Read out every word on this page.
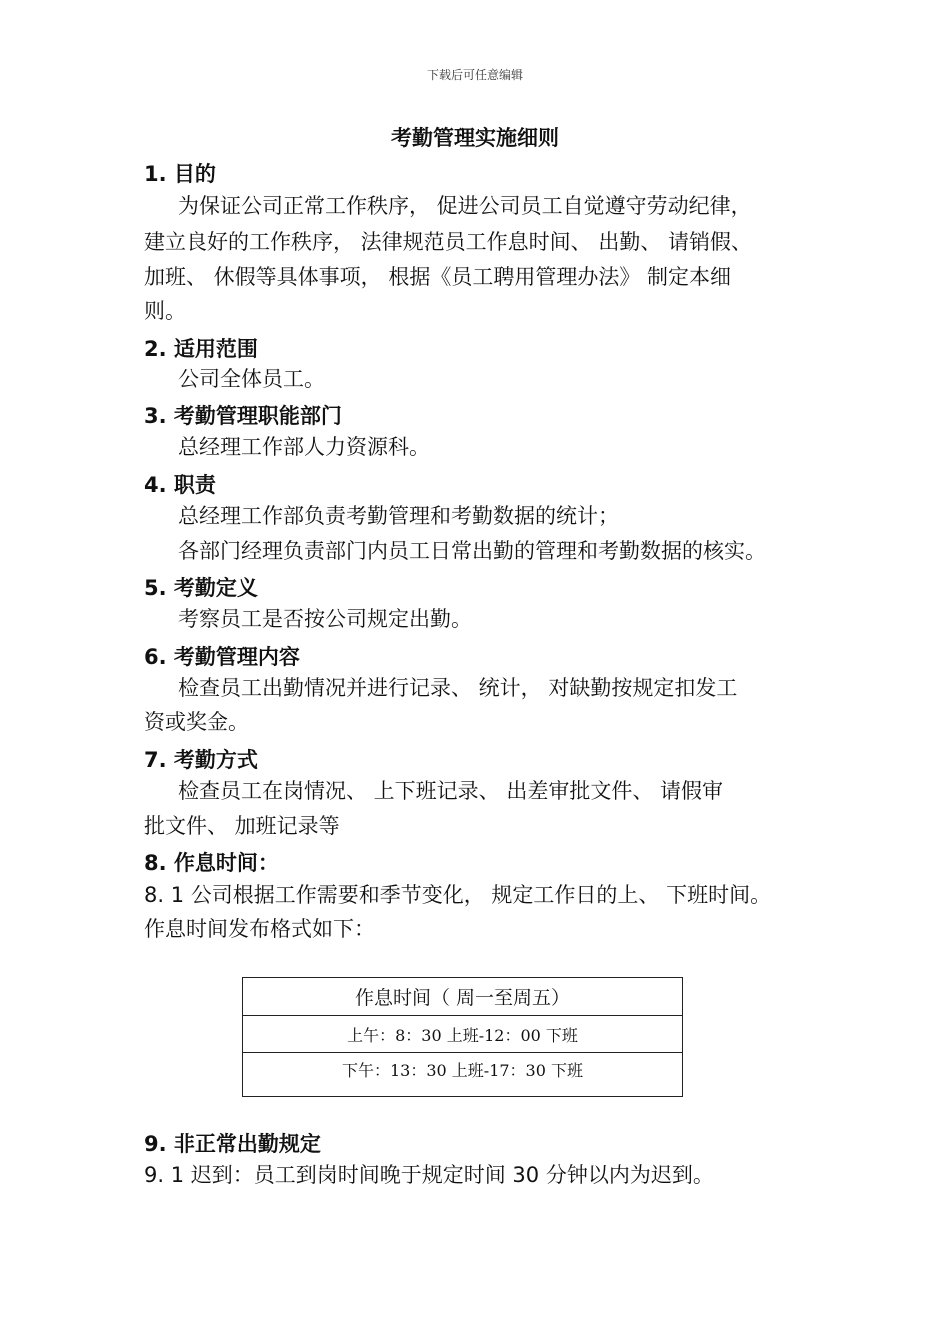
下载后可任意编辑
考勤管理实施细则
1. 目的
为保证公司正常工作秩序， 促进公司员工自觉遵守劳动纪律，
建立良好的工作秩序， 法律规范员工作息时间、 出勤、 请销假、
加班、 休假等具体事项， 根据《员工聘用管理办法》 制定本细
则。
2. 适用范围
公司全体员工。
3. 考勤管理职能部门
总经理工作部人力资源科。
4. 职责
总经理工作部负责考勤管理和考勤数据的统计；
各部门经理负责部门内员工日常出勤的管理和考勤数据的核实。
5. 考勤定义
考察员工是否按公司规定出勤。
6. 考勤管理内容
检查员工出勤情况并进行记录、 统计， 对缺勤按规定扣发工
资或奖金。
7. 考勤方式
检查员工在岗情况、 上下班记录、 出差审批文件、 请假审
批文件、 加班记录等
8. 作息时间：
8. 1 公司根据工作需要和季节变化， 规定工作日的上、 下班时间。
作息时间发布格式如下：
作息时间（ 周一至周五）
上午：8：30 上班-12：00 下班
下午：13：30 上班-17：30 下班
9. 非正常出勤规定
9. 1 迟到：员工到岗时间晚于规定时间 30 分钟以内为迟到。
